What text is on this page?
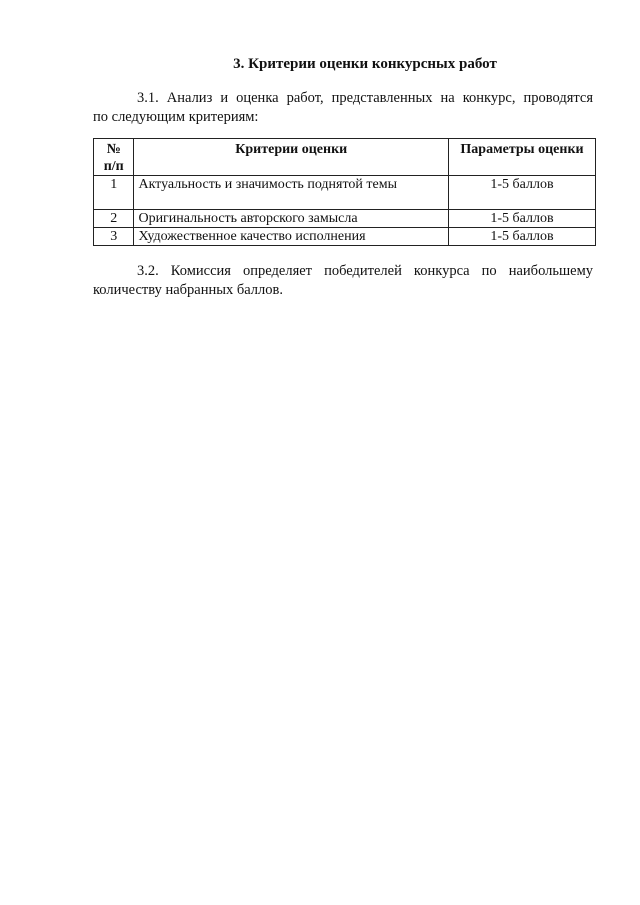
3. Критерии оценки конкурсных работ
3.1. Анализ и оценка работ, представленных на конкурс, проводятся
по следующим критериям:
№
п/п	Критерии оценки	Параметры оценки
1	Актуальность и значимость поднятой темы	1-5 баллов
2	Оригинальность авторского замысла	1-5 баллов
3	Художественное качество исполнения	1-5 баллов
3.2. Комиссия определяет победителей конкурса по наибольшему
количеству набранных баллов.
